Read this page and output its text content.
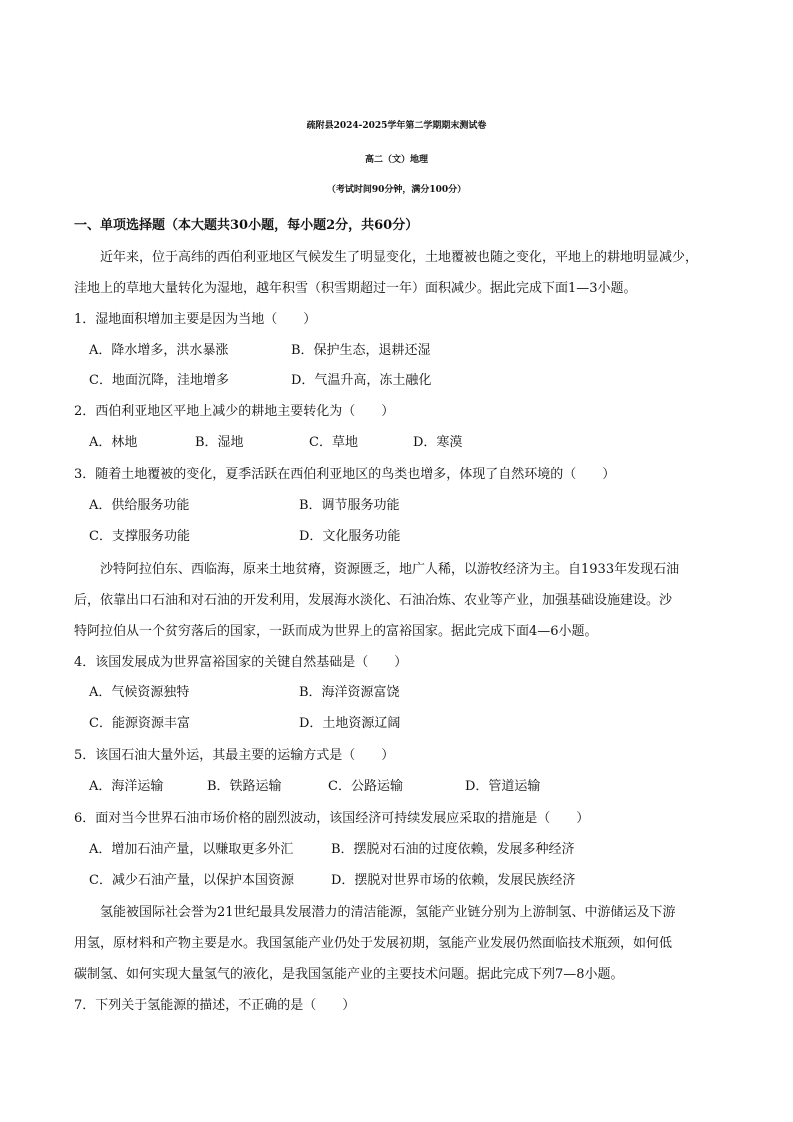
疏附县2024-2025学年第二学期期末测试卷
高二（文）地理
（考试时间90分钟，满分100分）
一、单项选择题（本大题共30小题，每小题2分，共60分）
近年来，位于高纬的西伯利亚地区气候发生了明显变化，土地覆被也随之变化，平地上的耕地明显减少，
洼地上的草地大量转化为湿地，越年积雪（积雪期超过一年）面积减少。据此完成下面1—3小题。
1．湿地面积增加主要是因为当地（　　）
A．降水增多，洪水暴涨	B．保护生态，退耕还湿
C．地面沉降，洼地增多	D．气温升高，冻土融化
2．西伯利亚地区平地上减少的耕地主要转化为（　　）
A．林地	B．湿地	C．草地	D．寒漠
3．随着土地覆被的变化，夏季活跃在西伯利亚地区的鸟类也增多，体现了自然环境的（　　）
A．供给服务功能	B．调节服务功能
C．支撑服务功能	D．文化服务功能
沙特阿拉伯东、西临海，原来土地贫瘠，资源匮乏，地广人稀，以游牧经济为主。自1933年发现石油
后，依靠出口石油和对石油的开发利用，发展海水淡化、石油冶炼、农业等产业，加强基础设施建设。沙
特阿拉伯从一个贫穷落后的国家，一跃而成为世界上的富裕国家。据此完成下面4—6小题。
4．该国发展成为世界富裕国家的关键自然基础是（　　）
A．气候资源独特	B．海洋资源富饶
C．能源资源丰富	D．土地资源辽阔
5．该国石油大量外运，其最主要的运输方式是（　　）
A．海洋运输	B．铁路运输	C．公路运输	D．管道运输
6．面对当今世界石油市场价格的剧烈波动，该国经济可持续发展应采取的措施是（　　）
A．增加石油产量，以赚取更多外汇	B．摆脱对石油的过度依赖，发展多种经济
C．减少石油产量，以保护本国资源	D．摆脱对世界市场的依赖，发展民族经济
氢能被国际社会誉为21世纪最具发展潜力的清洁能源，氢能产业链分别为上游制氢、中游储运及下游
用氢，原材料和产物主要是水。我国氢能产业仍处于发展初期，氢能产业发展仍然面临技术瓶颈，如何低
碳制氢、如何实现大量氢气的液化，是我国氢能产业的主要技术问题。据此完成下列7—8小题。
7．下列关于氢能源的描述，不正确的是（　　）
